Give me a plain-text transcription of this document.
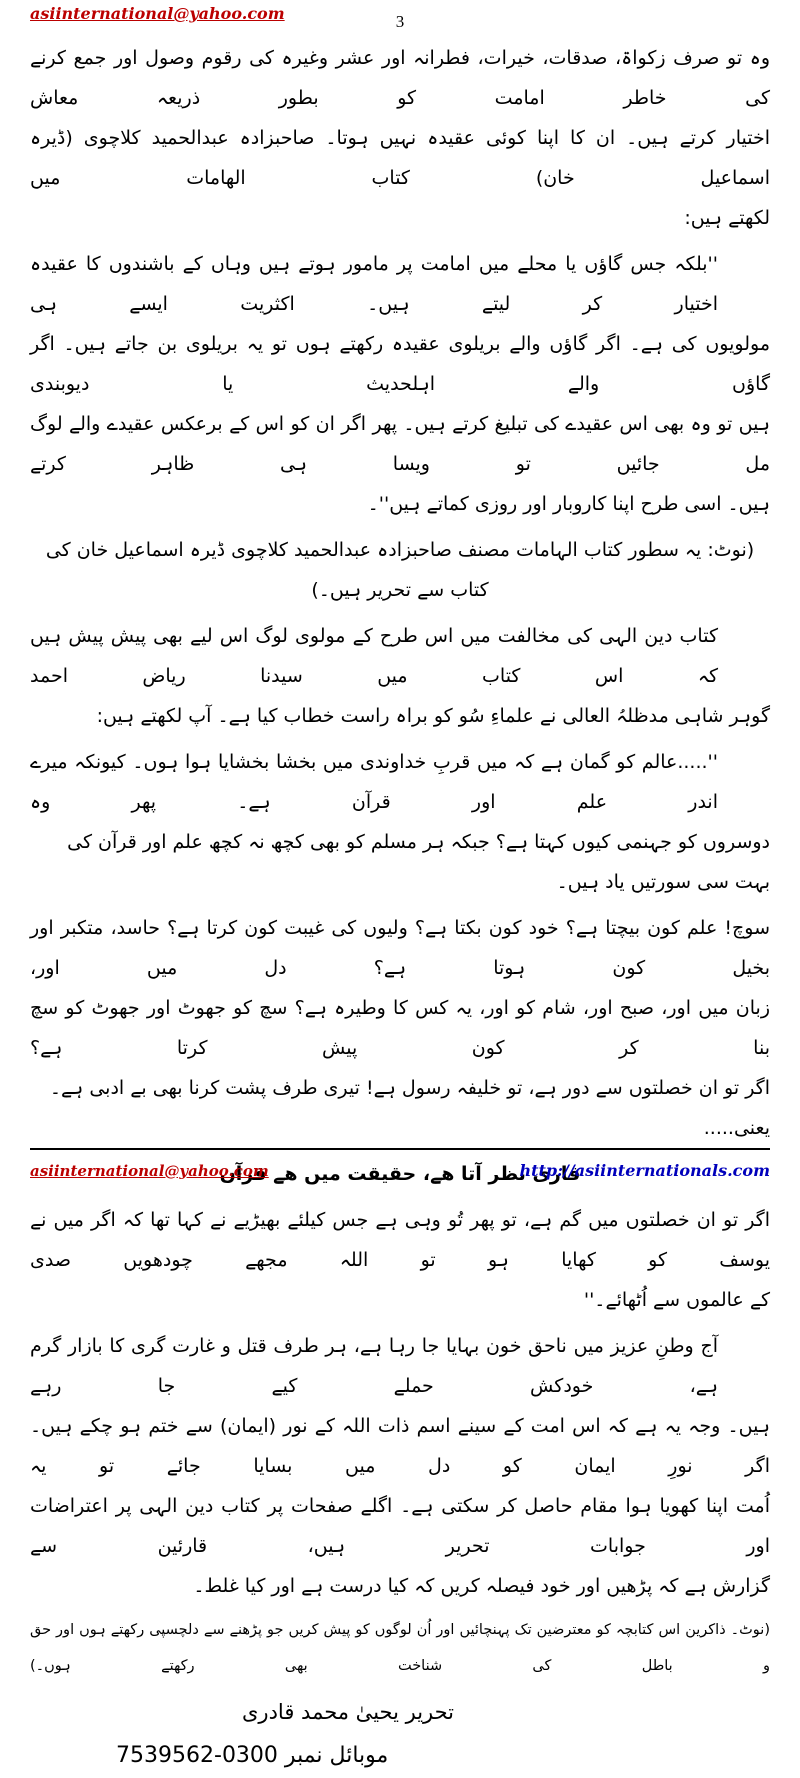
asiinternational@yahoo.com	3
وہ تو صرف زکواۃ، صدقات، خیرات، فطرانہ اور عشر وغیرہ کی رقوم وصول اور جمع کرنے کی خاطر امامت کو بطور ذریعہ معاش
اختیار کرتے ہیں۔ ان کا اپنا کوئی عقیدہ نہیں ہوتا۔ صاحبزادہ عبدالحمید کلاچوی (ڈیرہ اسماعیل خان) کتاب الھامات میں
لکھتے ہیں:
''بلکہ جس گاؤں یا محلے میں امامت پر مامور ہوتے ہیں وہاں کے باشندوں کا عقیدہ اختیار کر لیتے ہیں۔ اکثریت ایسے ہی
مولویوں کی ہے۔ اگر گاؤں والے بریلوی عقیدہ رکھتے ہوں تو یہ بریلوی بن جاتے ہیں۔ اگر گاؤں والے اہلحدیث یا دیوبندی
ہیں تو وہ بھی اس عقیدے کی تبلیغ کرتے ہیں۔ پھر اگر ان کو اس کے برعکس عقیدے والے لوگ مل جائیں تو ویسا ہی ظاہر کرتے
ہیں۔ اسی طرح اپنا کاروبار اور روزی کماتے ہیں''۔
(نوٹ: یہ سطور کتاب الہامات مصنف صاحبزادہ عبدالحمید کلاچوی ڈیرہ اسماعیل خان کی کتاب سے تحریر ہیں۔)
کتاب دین الہی کی مخالفت میں اس طرح کے مولوی لوگ اس لیے بھی پیش پیش ہیں کہ اس کتاب میں سیدنا ریاض احمد
گوہر شاہی مدظلہُ العالی نے علماءِ سُو کو براہ راست خطاب کیا ہے۔ آپ لکھتے ہیں:
''.....عالم کو گمان ہے کہ میں قربِ خداوندی میں بخشا بخشایا ہوا ہوں۔ کیونکہ میرے اندر علم اور قرآن ہے۔ پھر وہ
دوسروں کو جہنمی کیوں کہتا ہے؟ جبکہ ہر مسلم کو بھی کچھ نہ کچھ علم اور قرآن کی بہت سی سورتیں یاد ہیں۔
سوچ! علم کون بیچتا ہے؟ خود کون بکتا ہے؟ ولیوں کی غیبت کون کرتا ہے؟ حاسد، متکبر اور بخیل کون ہوتا ہے؟ دل میں اور،
زبان میں اور، صبح اور، شام کو اور، یہ کس کا وطیرہ ہے؟ سچ کو جھوٹ اور جھوٹ کو سچ بنا کر کون پیش کرتا ہے؟
اگر تو ان خصلتوں سے دور ہے، تو خلیفہ رسول ہے! تیری طرف پشت کرنا بھی بے ادبی ہے۔ یعنی.....
قاری نظر آتا ھے، حقیقت میں ھے قرآن
اگر تو ان خصلتوں میں گم ہے، تو پھر تُو وہی ہے جس کیلئے بھیڑیے نے کہا تھا کہ اگر میں نے یوسف کو کھایا ہو تو اللہ مجھے چودھویں صدی
کے عالموں سے اُٹھائے۔''
آج وطنِ عزیز میں ناحق خون بہایا جا رہا ہے، ہر طرف قتل و غارت گری کا بازار گرم ہے، خودکش حملے کیے جا رہے
ہیں۔ وجہ یہ ہے کہ اس امت کے سینے اسم ذات اللہ کے نور (ایمان) سے ختم ہو چکے ہیں۔ اگر نورِ ایمان کو دل میں بسایا جائے تو یہ
اُمت اپنا کھویا ہوا مقام حاصل کر سکتی ہے۔ اگلے صفحات پر کتاب دین الہی پر اعتراضات اور جوابات تحریر ہیں، قارئین سے
گزارش ہے کہ پڑھیں اور خود فیصلہ کریں کہ کیا درست ہے اور کیا غلط۔
(نوٹ۔ ذاکرین اس کتابچہ کو معترضین تک پہنچائیں اور اُن لوگوں کو پیش کریں جو پڑھنے سے دلچسپی رکھتے ہوں اور حق و باطل کی شناخت بھی رکھتے ہوں۔)
تحریر یحییٰ محمد قادری
موبائل نمبر 0300-7539562
asiinternational@yahoo.com	http://asiinternationals.com
